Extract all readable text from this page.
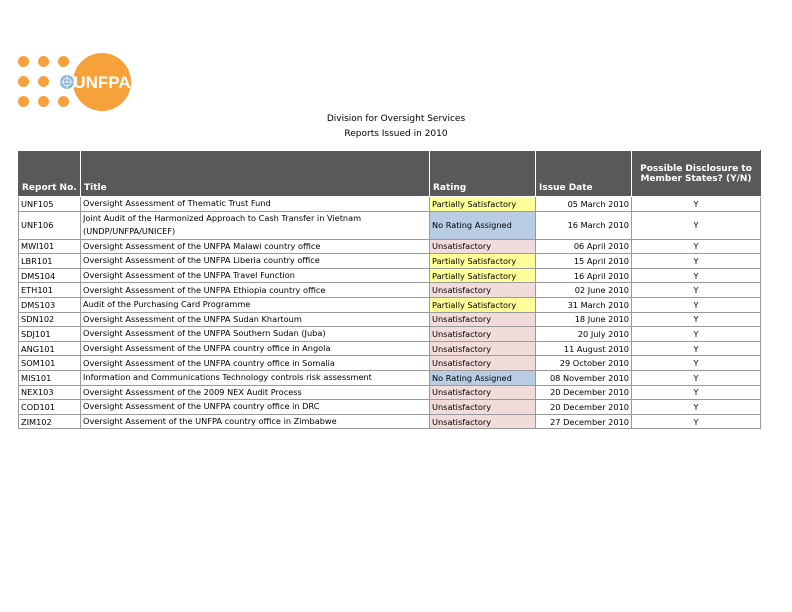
UNFPA
Division for Oversight Services
Reports Issued in 2010
Report No.	Title	Rating	Issue Date	Possible Disclosure to Member States? (Y/N)
UNF105	Oversight Assessment of Thematic Trust Fund	Partially Satisfactory	05 March 2010	Y
UNF106	Joint Audit of the Harmonized Approach to Cash Transfer in Vietnam (UNDP/UNFPA/UNICEF)	No Rating Assigned	16 March 2010	Y
MWI101	Oversight Assessment of the UNFPA Malawi country office	Unsatisfactory	06 April 2010	Y
LBR101	Oversight Assessment of the UNFPA Liberia country office	Partially Satisfactory	15 April 2010	Y
DMS104	Oversight Assessment of the UNFPA Travel Function	Partially Satisfactory	16 April 2010	Y
ETH101	Oversight Assessment of the UNFPA Ethiopia country office	Unsatisfactory	02 June 2010	Y
DMS103	Audit of the Purchasing Card Programme	Partially Satisfactory	31 March 2010	Y
SDN102	Oversight Assessment of the UNFPA Sudan Khartoum	Unsatisfactory	18 June 2010	Y
SDJ101	Oversight Assessment of the UNFPA Southern Sudan (Juba)	Unsatisfactory	20 July 2010	Y
ANG101	Oversight Assessment of the UNFPA country office in Angola	Unsatisfactory	11 August 2010	Y
SOM101	Oversight Assessment of the UNFPA country office in Somalia	Unsatisfactory	29 October 2010	Y
MIS101	Information and Communications Technology controls risk assessment	No Rating Assigned	08 November 2010	Y
NEX103	Oversight Assessment of the 2009 NEX Audit Process	Unsatisfactory	20 December 2010	Y
COD101	Oversight Assessment of the UNFPA country office in DRC	Unsatisfactory	20 December 2010	Y
ZIM102	Oversight Assement of the UNFPA country office in Zimbabwe	Unsatisfactory	27 December 2010	Y
